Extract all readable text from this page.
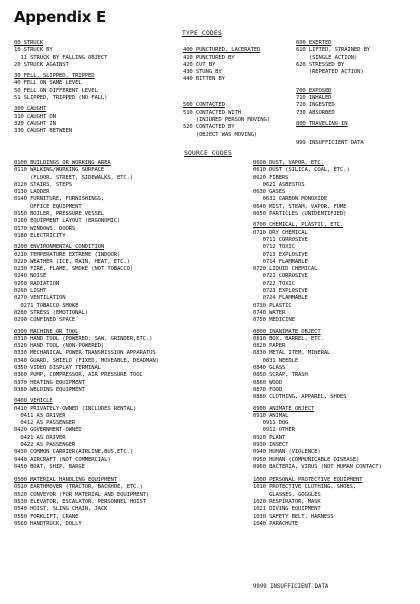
Appendix E
TYPE CODES
00 STRUCK
10 STRUCK BY
11 STRUCK BY FALLING OBJECT
20 STRUCK AGAINST
30 FELL, SLIPPED, TRIPPED
40 FELL ON SAME LEVEL
50 FELL ON DIFFERENT LEVEL
51 SLIPPED, TRIPPED (NO FALL)
300 CAUGHT
310 CAUGHT ON
320 CAUGHT IN
330 CAUGHT BETWEEN
400 PUNCTURED, LACERATED
410 PUNCTURED BY
420 CUT BY
430 STUNG BY
440 BITTEN BY
500 CONTACTED
510 CONTACTED WITH
(INJURED PERSON MOVING)
520 CONTACTED BY
(OBJECT WAS MOVING)
600 EXERTED
610 LIFTED, STRAINED BY
(SINGLE ACTION)
620 STRESSED BY
(REPEATED ACTION)
700 EXPOSED
710 INHALED
720 INGESTED
730 ABSORBED
800 TRAVELING IN
999 INSUFFICIENT DATA
SOURCE CODES
0100 BUILDINGS OR WORKING AREA
0110 WALKING/WORKING SURFACE
(FLOOR, STREET, SIDEWALKS, ETC.)
0120 STAIRS, STEPS
0130 LADDER
0140 FURNITURE, FURNISHINGS,
OFFICE EQUIPMENT
0150 BOILER, PRESSURE VESSEL
0160 EQUIPMENT LAYOUT (ERGONOMIC)
0170 WINDOWS, DOORS
0180 ELECTRICITY
0200 ENVIRONMENTAL CONDITION
0210 TEMPERATURE EXTREME (INDOOR)
0220 WEATHER (ICE, RAIN, HEAT, ETC.)
0230 FIRE, FLAME, SMOKE (NOT TOBACCO)
0240 NOISE
0250 RADIATION
0260 LIGHT
0270 VENTILATION
0271 TOBACCO SMOKE
0280 STRESS (EMOTIONAL)
0290 CONFINED SPACE
0300 MACHINE OR TOOL
0310 HAND TOOL (POWERED; SAW, GRINDER,ETC.)
0320 HAND TOOL (NON-POWERED)
0330 MECHANICAL POWER TRANSMISSION APPARATUS
0340 GUARD, SHIELD (FIXED, MOVEABLE, DEADMAN)
0350 VIDEO DISPLAY TERMINAL
0360 PUMP, COMPRESSOR, AIR PRESSURE TOOL
0370 HEATING EQUIPMENT
0380 WELDING EQUIPMENT
0400 VEHICLE
0410 PRIVATELY-OWNED (INCLUDES RENTAL)
0411 AS DRIVER
0412 AS PASSENGER
0420 GOVERNMENT-OWNED
0421 AS DRIVER
0422 AS PASSENGER
0430 COMMON CARRIER(AIRLINE,BUS,ETC.)
0440 AIRCRAFT (NOT COMMERCIAL)
0450 BOAT, SHIP, BARGE
0500 MATERIAL HANDLING EQUIPMENT
0510 EARTHMOVER (TRACTOR, BACKHOE, ETC.)
0520 CONVEYOR (FOR MATERIAL AND EQUIPMENT)
0530 ELEVATOR, ESCALATOR, PERSONNEL HOIST
0540 HOIST, SLING CHAIN, JACK
0550 FORKLIFT, CRANE
0560 HANDTRUCK, DOLLY
0600 DUST, VAPOR, ETC.
0610 DUST (SILICA, COAL, ETC.)
0620 FIBERS
0621 ASBESTOS
0630 GASES
0631 CARBON MONOXIDE
0640 MIST, STEAM, VAPOR, FUME
0650 PARTICLES (UNIDENTIFIED)
0700 CHEMICAL, PLASTIC, ETC.
0710 DRY CHEMICAL
0711 CORROSIVE
0712 TOXIC
0713 EXPLOSIVE
0714 FLAMMABLE
0720 LIQUID CHEMICAL
0721 CORROSIVE
0722 TOXIC
0723 EXPLOSIVE
0724 FLAMMABLE
0730 PLASTIC
0740 WATER
0750 MEDICINE
0800 INANIMATE OBJECT
0810 BOX, BARREL, ETC.
0820 PAPER
0830 METAL ITEM, MINERAL
0831 NEEDLE
0840 GLASS
0850 SCRAP, TRASH
0860 WOOD
0870 FOOD
0880 CLOTHING, APPAREL, SHOES
0900 ANIMATE OBJECT
0910 ANIMAL
0911 DOG
0912 OTHER
0920 PLANT
0930 INSECT
0940 HUMAN (VIOLENCE)
0950 HUMAN (COMMUNICABLE DISEASE)
0960 BACTERIA, VIRUS (NOT HUMAN CONTACT)
1000 PERSONAL PROTECTIVE EQUIPMENT
1010 PROTECTIVE CLOTHING, SHOES,
GLASSES, GOGGLES
1020 RESPIRATOR, MASK
1021 DIVING EQUIPMENT
1030 SAFETY BELT, HARNESS
1040 PARACHUTE
9999 INSUFFICIENT DATA
